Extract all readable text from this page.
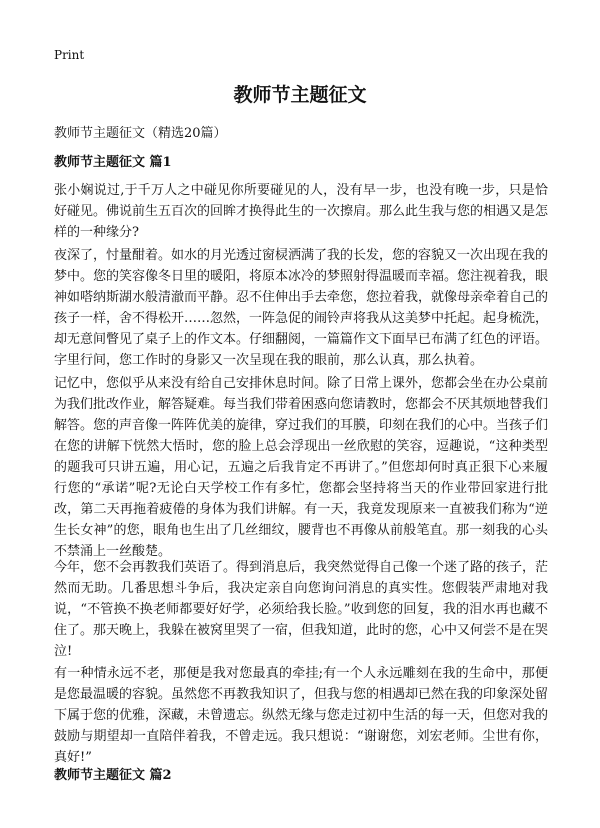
Print
教师节主题征文
教师节主题征文（精选20篇）
教师节主题征文 篇1

张小娴说过,于千万人之中碰见你所要碰见的人，没有早一步，也没有晚一步，只是恰好碰见。佛说前生五百次的回眸才换得此生的一次擦肩。那么此生我与您的相遇又是怎样的一种缘分?

夜深了，忖量酣着。如水的月光透过窗棂洒满了我的长发，您的容貌又一次出现在我的梦中。您的笑容像冬日里的暖阳，将原本冰冷的梦照射得温暖而幸福。您注视着我，眼神如嗒纳斯湖水般清澈而平静。忍不住伸出手去牵您，您拉着我，就像母亲牵着自己的孩子一样，舍不得松开……忽然，一阵急促的闹铃声将我从这美梦中托起。起身梳洗，却无意间瞥见了桌子上的作文本。仔细翻阅，一篇篇作文下面早已布满了红色的评语。字里行间，您工作时的身影又一次呈现在我的眼前，那么认真，那么执着。

记忆中，您似乎从来没有给自己安排休息时间。除了日常上课外，您都会坐在办公桌前为我们批改作业，解答疑难。每当我们带着困惑向您请教时，您都会不厌其烦地替我们解答。您的声音像一阵阵优美的旋律，穿过我们的耳膜，印刻在我们的心中。当孩子们在您的讲解下恍然大悟时，您的脸上总会浮现出一丝欣慰的笑容，逗趣说，“这种类型的题我可只讲五遍，用心记，五遍之后我肯定不再讲了。”但您却何时真正狠下心来履行您的“承诺”呢?无论白天学校工作有多忙，您都会坚持将当天的作业带回家进行批改，第二天再拖着疲倦的身体为我们讲解。有一天，我竟发现原来一直被我们称为“逆生长女神”的您，眼角也生出了几丝细纹，腰背也不再像从前般笔直。那一刻我的心头不禁涌上一丝酸楚。

今年，您不会再教我们英语了。得到消息后，我突然觉得自己像一个迷了路的孩子，茫然而无助。几番思想斗争后，我决定亲自向您询问消息的真实性。您假装严肃地对我说，“不管换不换老师都要好好学，必须给我长脸。”收到您的回复，我的泪水再也藏不住了。那天晚上，我躲在被窝里哭了一宿，但我知道，此时的您，心中又何尝不是在哭泣!

有一种情永远不老，那便是我对您最真的牵挂;有一个人永远雕刻在我的生命中，那便是您最温暖的容貌。虽然您不再教我知识了，但我与您的相遇却已然在我的印象深处留下属于您的优雅，深藏，未曾遗忘。纵然无缘与您走过初中生活的每一天，但您对我的鼓励与期望却一直陪伴着我，不曾走远。我只想说：“谢谢您，刘宏老师。尘世有你，真好!”

教师节主题征文 篇2
